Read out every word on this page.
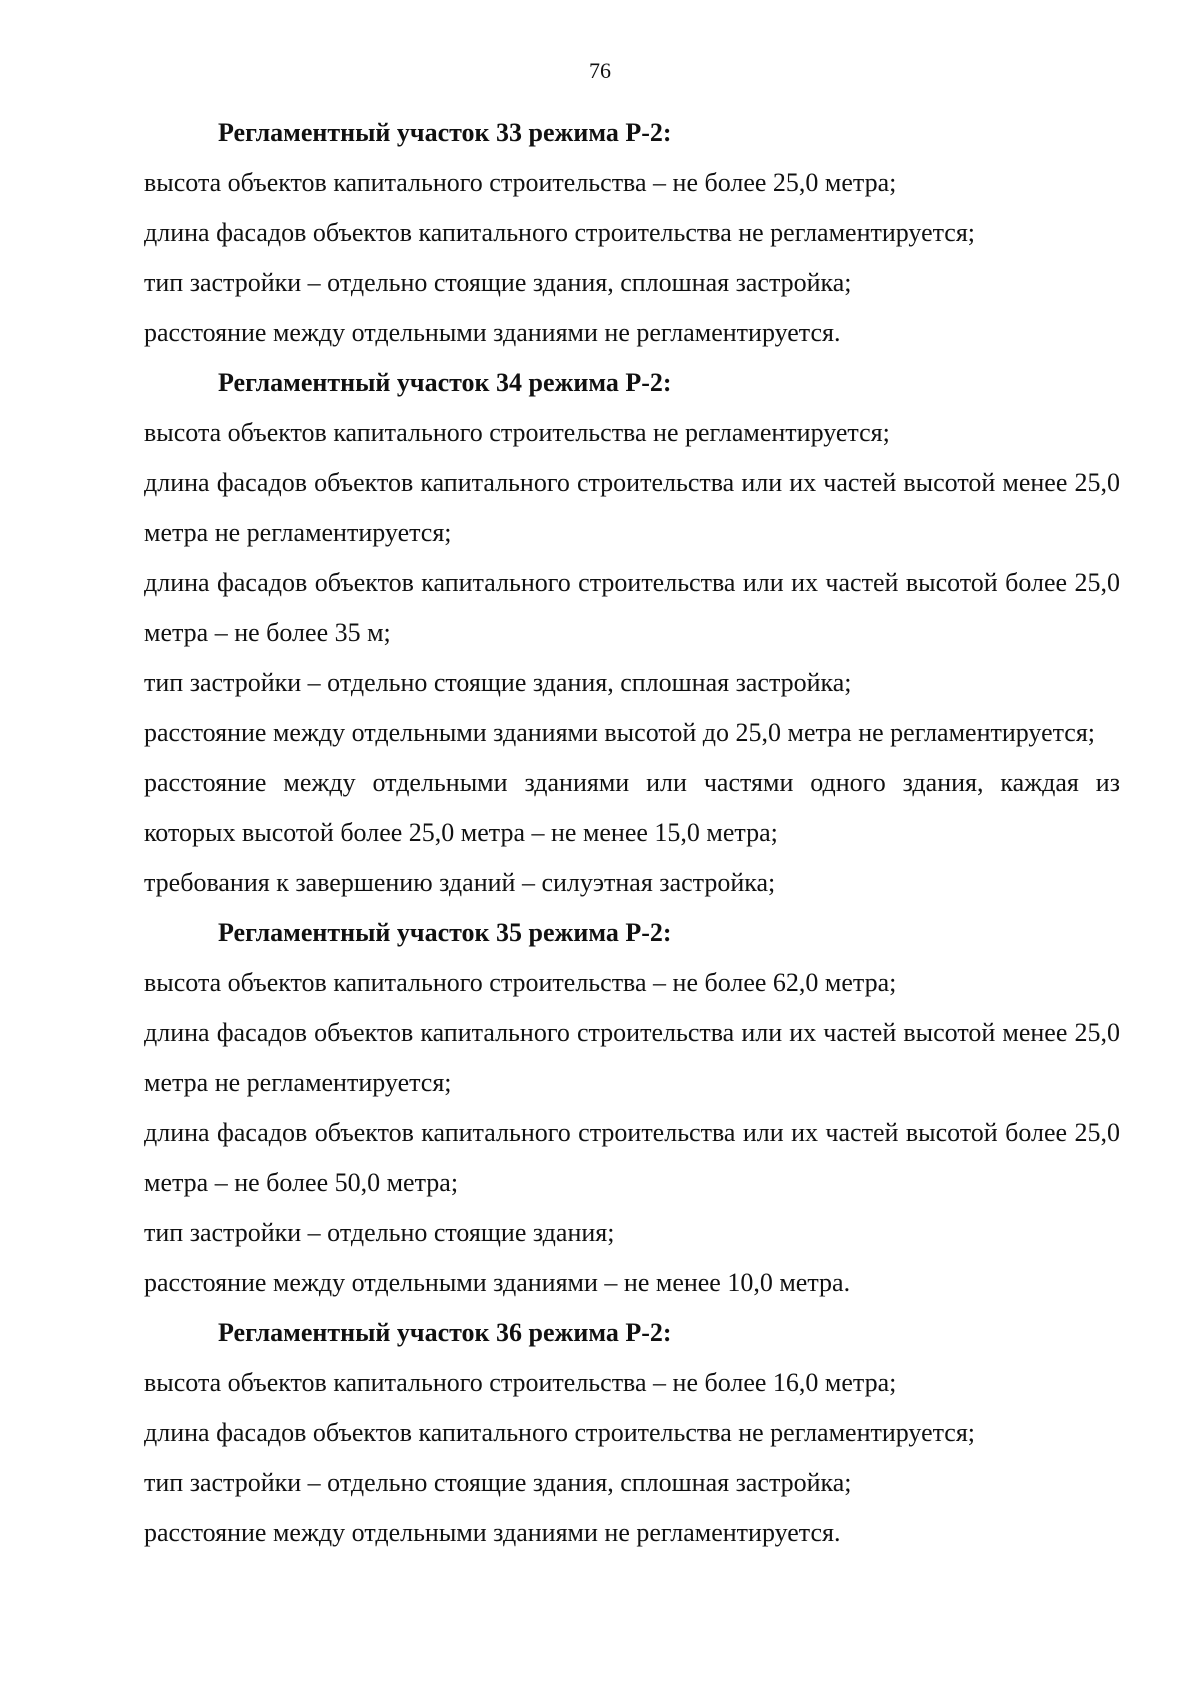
76
Регламентный участок 33 режима Р-2:

высота объектов капитального строительства – не более 25,0 метра;

длина фасадов объектов капитального строительства не регламентируется;

тип застройки – отдельно стоящие здания, сплошная застройка;

расстояние между отдельными зданиями не регламентируется.

Регламентный участок 34 режима Р-2:

высота объектов капитального строительства не регламентируется;

длина фасадов объектов капитального строительства или их частей высотой менее 25,0 метра не регламентируется;

длина фасадов объектов капитального строительства или их частей высотой более 25,0 метра – не более 35 м;

тип застройки – отдельно стоящие здания, сплошная застройка;

расстояние между отдельными зданиями высотой до 25,0 метра не регламентируется;

расстояние между отдельными зданиями или частями одного здания, каждая из которых высотой более 25,0 метра – не менее 15,0 метра;

требования к завершению зданий – силуэтная застройка;

Регламентный участок 35 режима Р-2:

высота объектов капитального строительства – не более 62,0 метра;

длина фасадов объектов капитального строительства или их частей высотой менее 25,0 метра не регламентируется;

длина фасадов объектов капитального строительства или их частей высотой более 25,0 метра – не более 50,0 метра;

тип застройки – отдельно стоящие здания;

расстояние между отдельными зданиями – не менее 10,0 метра.

Регламентный участок 36 режима Р-2:

высота объектов капитального строительства – не более 16,0 метра;

длина фасадов объектов капитального строительства не регламентируется;

тип застройки – отдельно стоящие здания, сплошная застройка;

расстояние между отдельными зданиями не регламентируется.
